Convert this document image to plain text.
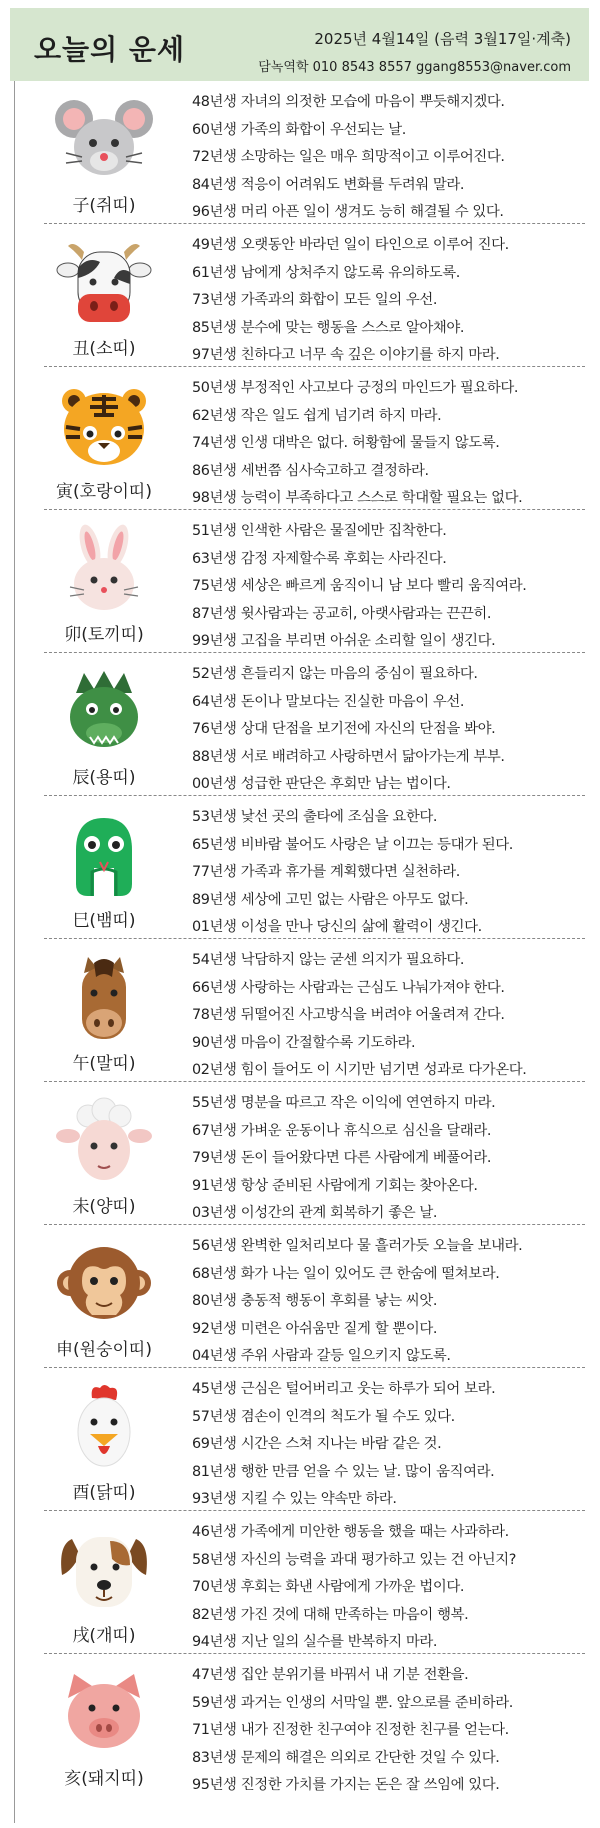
오늘의 운세	2025년 4월14일 (음력 3월17일·계축)
담녹역학 010 8543 8557 ggang8553@naver.com
子(쥐띠)
48년생 자녀의 의젓한 모습에 마음이 뿌듯해지겠다.
60년생 가족의 화합이 우선되는 날.
72년생 소망하는 일은 매우 희망적이고 이루어진다.
84년생 적응이 어려워도 변화를 두려워 말라.
96년생 머리 아픈 일이 생겨도 능히 해결될 수 있다.
丑(소띠)
49년생 오랫동안 바라던 일이 타인으로 이루어 진다.
61년생 남에게 상처주지 않도록 유의하도록.
73년생 가족과의 화합이 모든 일의 우선.
85년생 분수에 맞는 행동을 스스로 알아채야.
97년생 친하다고 너무 속 깊은 이야기를 하지 마라.
寅(호랑이띠)
50년생 부정적인 사고보다 긍정의 마인드가 필요하다.
62년생 작은 일도 쉽게 넘기려 하지 마라.
74년생 인생 대박은 없다. 허황함에 물들지 않도록.
86년생 세번쯤 심사숙고하고 결정하라.
98년생 능력이 부족하다고 스스로 학대할 필요는 없다.
卯(토끼띠)
51년생 인색한 사람은 물질에만 집착한다.
63년생 감정 자제할수록 후회는 사라진다.
75년생 세상은 빠르게 움직이니 남 보다 빨리 움직여라.
87년생 윗사람과는 공교히, 아랫사람과는 끈끈히.
99년생 고집을 부리면 아쉬운 소리할 일이 생긴다.
辰(용띠)
52년생 흔들리지 않는 마음의 중심이 필요하다.
64년생 돈이나 말보다는 진실한 마음이 우선.
76년생 상대 단점을 보기전에 자신의 단점을 봐야.
88년생 서로 배려하고 사랑하면서 닮아가는게 부부.
00년생 성급한 판단은 후회만 남는 법이다.
巳(뱀띠)
53년생 낯선 곳의 출타에 조심을 요한다.
65년생 비바람 불어도 사랑은 날 이끄는 등대가 된다.
77년생 가족과 휴가를 계획했다면 실천하라.
89년생 세상에 고민 없는 사람은 아무도 없다.
01년생 이성을 만나 당신의 삶에 활력이 생긴다.
午(말띠)
54년생 낙담하지 않는 굳센 의지가 필요하다.
66년생 사랑하는 사람과는 근심도 나눠가져야 한다.
78년생 뒤떨어진 사고방식을 버려야 어울려져 간다.
90년생 마음이 간절할수록 기도하라.
02년생 힘이 들어도 이 시기만 넘기면 성과로 다가온다.
未(양띠)
55년생 명분을 따르고 작은 이익에 연연하지 마라.
67년생 가벼운 운동이나 휴식으로 심신을 달래라.
79년생 돈이 들어왔다면 다른 사람에게 베풀어라.
91년생 항상 준비된 사람에게 기회는 찾아온다.
03년생 이성간의 관계 회복하기 좋은 날.
申(원숭이띠)
56년생 완벽한 일처리보다 물 흘러가듯 오늘을 보내라.
68년생 화가 나는 일이 있어도 큰 한숨에 떨쳐보라.
80년생 충동적 행동이 후회를 낳는 씨앗.
92년생 미련은 아쉬움만 짙게 할 뿐이다.
04년생 주위 사람과 갈등 일으키지 않도록.
酉(닭띠)
45년생 근심은 털어버리고 웃는 하루가 되어 보라.
57년생 겸손이 인격의 척도가 될 수도 있다.
69년생 시간은 스쳐 지나는 바람 같은 것.
81년생 행한 만큼 얻을 수 있는 날. 많이 움직여라.
93년생 지킬 수 있는 약속만 하라.
戌(개띠)
46년생 가족에게 미안한 행동을 했을 때는 사과하라.
58년생 자신의 능력을 과대 평가하고 있는 건 아닌지?
70년생 후회는 화낸 사람에게 가까운 법이다.
82년생 가진 것에 대해 만족하는 마음이 행복.
94년생 지난 일의 실수를 반복하지 마라.
亥(돼지띠)
47년생 집안 분위기를 바꿔서 내 기분 전환을.
59년생 과거는 인생의 서막일 뿐. 앞으로를 준비하라.
71년생 내가 진정한 친구여야 진정한 친구를 얻는다.
83년생 문제의 해결은 의외로 간단한 것일 수 있다.
95년생 진정한 가치를 가지는 돈은 잘 쓰임에 있다.
